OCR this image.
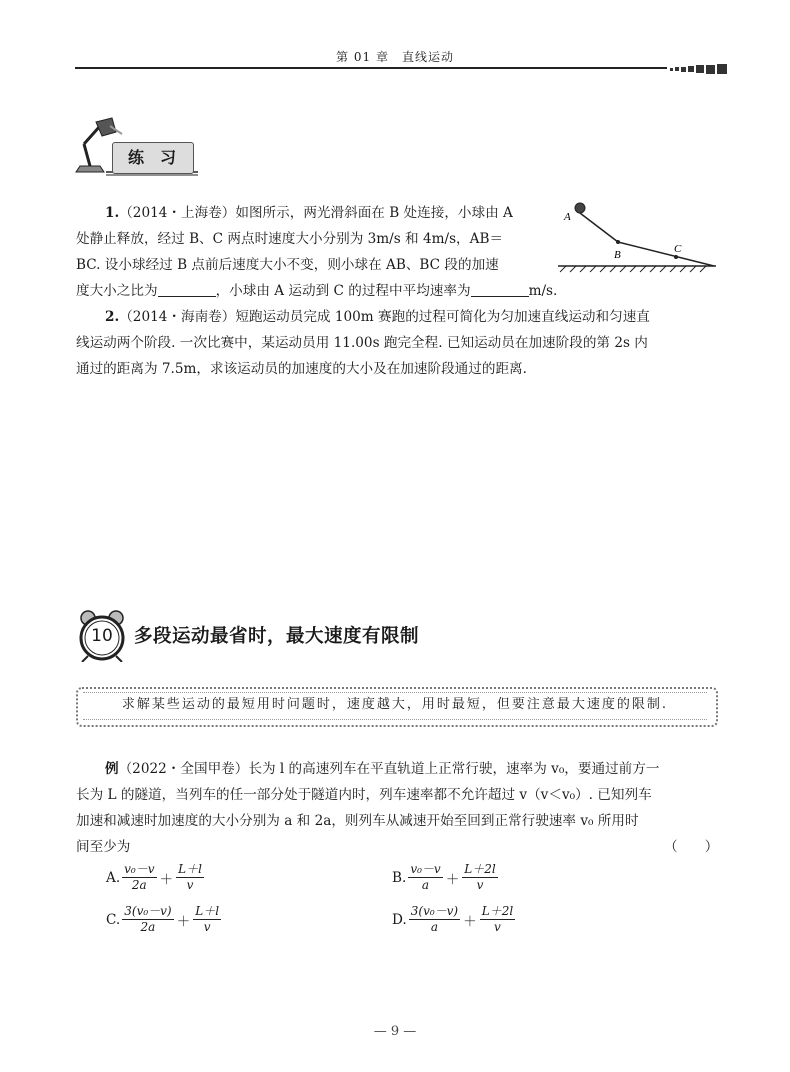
第 01 章　直线运动
练　习
1.（2014・上海卷）如图所示，两光滑斜面在 B 处连接，小球由 A
处静止释放，经过 B、C 两点时速度大小分别为 3m/s 和 4m/s，AB＝
BC. 设小球经过 B 点前后速度大小不变，则小球在 AB、BC 段的加速
度大小之比为	，小球由 A 运动到 C 的过程中平均速率为	m/s.
A
B	C
2.（2014・海南卷）短跑运动员完成 100m 赛跑的过程可简化为匀加速直线运动和匀速直
线运动两个阶段. 一次比赛中，某运动员用 11.00s 跑完全程. 已知运动员在加速阶段的第 2s 内
通过的距离为 7.5m，求该运动员的加速度的大小及在加速阶段通过的距离.
10	多段运动最省时，最大速度有限制
求解某些运动的最短用时问题时，速度越大，用时最短，但要注意最大速度的限制.
例（2022・全国甲卷）长为 l 的高速列车在平直轨道上正常行驶，速率为 v₀，要通过前方一
长为 L 的隧道，当列车的任一部分处于隧道内时，列车速率都不允许超过 v（v＜v₀）. 已知列车
加速和减速时加速度的大小分别为 a 和 2a，则列车从减速开始至回到正常行驶速率 v₀ 所用时
间至少为	（　　）
A. $\frac{\text{v₀－v}}{2a} + \frac{L+l}{v}$	B. $\frac{\text{v₀－v}}{a} + \frac{L+2l}{v}$
C. $\frac{\text{3(v₀－v)}}{2a} + \frac{L+l}{v}$	D. $\frac{\text{3(v₀－v)}}{a} + \frac{L+2l}{v}$
— 9 —
